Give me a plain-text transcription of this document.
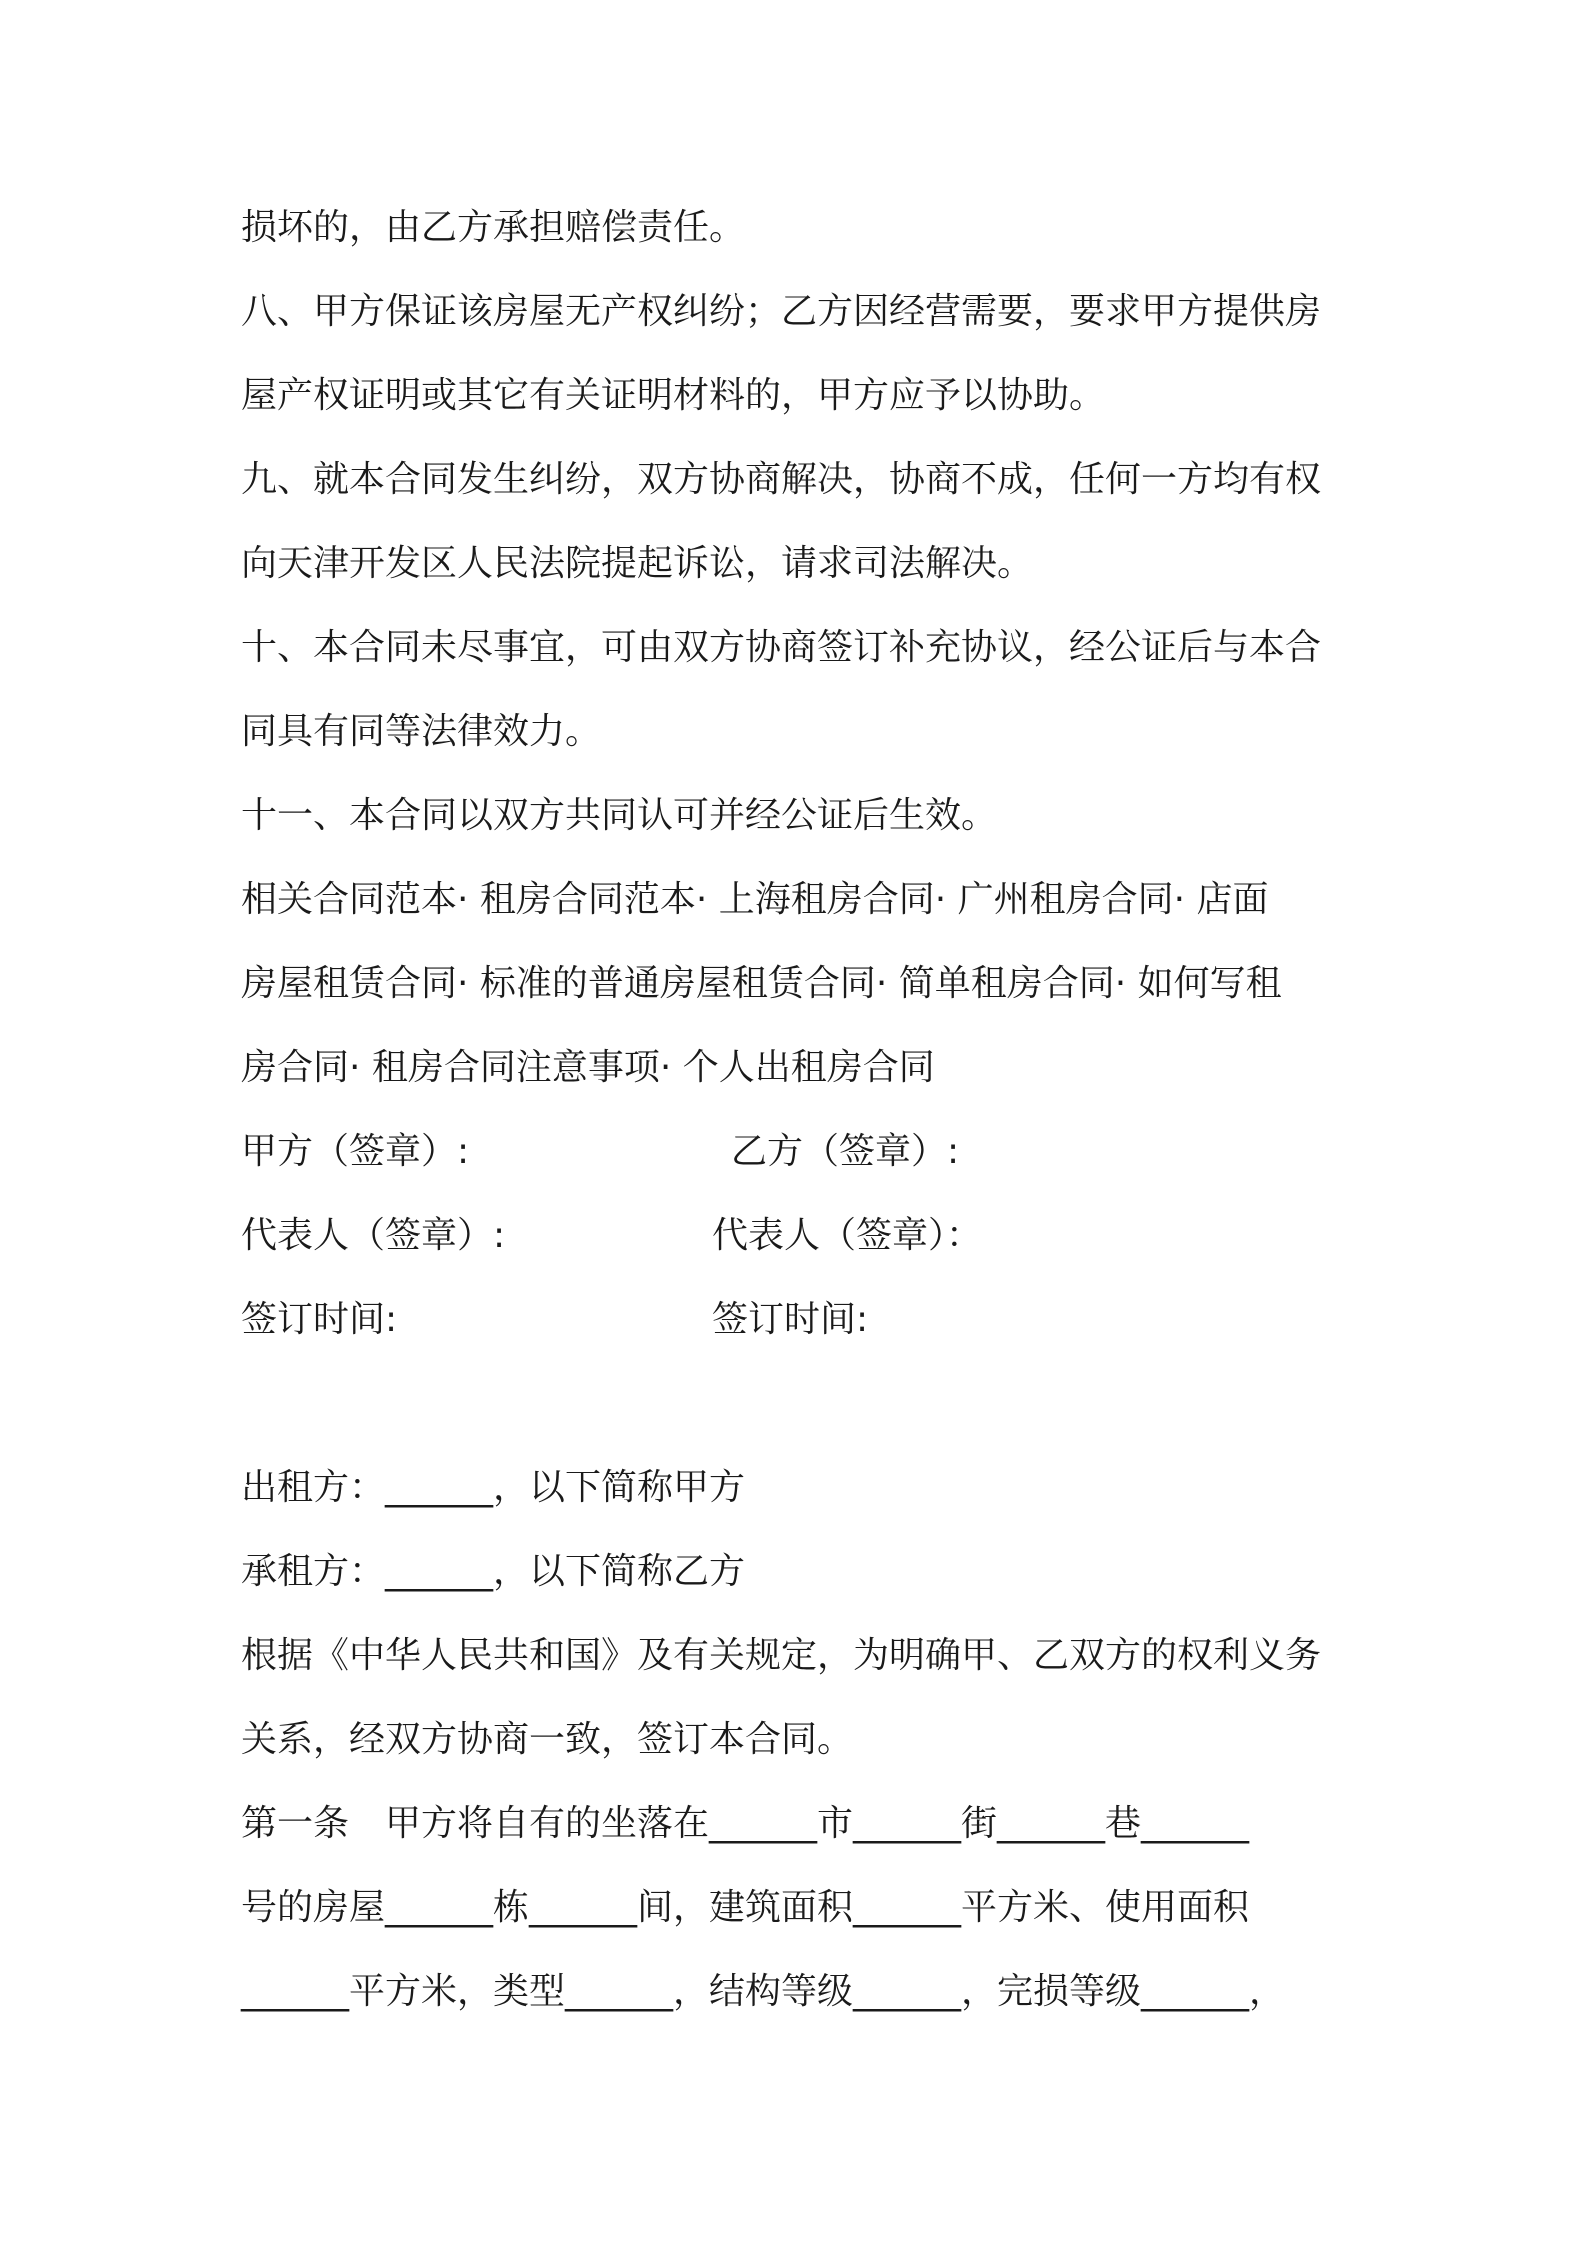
损坏的，由乙方承担赔偿责任。
八、甲方保证该房屋无产权纠纷；乙方因经营需要，要求甲方提供房
屋产权证明或其它有关证明材料的，甲方应予以协助。
九、就本合同发生纠纷，双方协商解决，协商不成，任何一方均有权
向天津开发区人民法院提起诉讼，请求司法解决。
十、本合同未尽事宜，可由双方协商签订补充协议，经公证后与本合
同具有同等法律效力。
十一、本合同以双方共同认可并经公证后生效。
相关合同范本· 租房合同范本· 上海租房合同· 广州租房合同· 店面
房屋租赁合同· 标准的普通房屋租赁合同· 简单租房合同· 如何写租
房合同· 租房合同注意事项· 个人出租房合同
甲方（签章）:	乙方（签章）:
代表人（签章）:	代表人（签章）：
签订时间:	签订时间:
出租方：______，以下简称甲方
承租方：______，以下简称乙方
根据《中华人民共和国》及有关规定，为明确甲、乙双方的权利义务
关系，经双方协商一致，签订本合同。
第一条　甲方将自有的坐落在______市______街______巷______
号的房屋______栋______间，建筑面积______平方米、使用面积
______平方米，类型______，结构等级______，完损等级______，
